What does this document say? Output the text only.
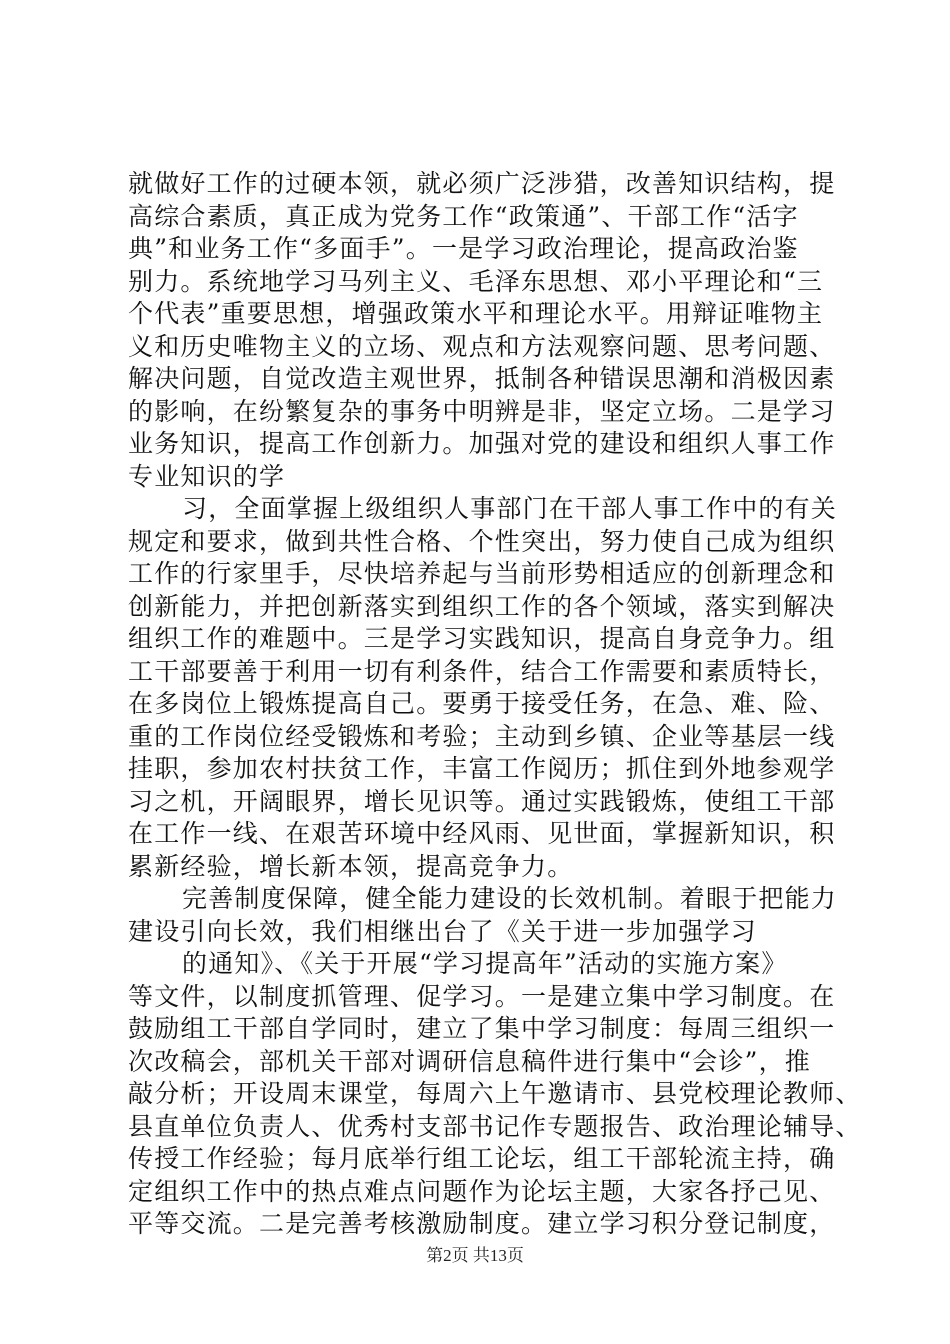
就做好工作的过硬本领，就必须广泛涉猎，改善知识结构，提
高综合素质，真正成为党务工作“政策通”、干部工作“活字
典”和业务工作“多面手”。一是学习政治理论，提高政治鉴
别力。系统地学习马列主义、毛泽东思想、邓小平理论和“三
个代表”重要思想，增强政策水平和理论水平。用辩证唯物主
义和历史唯物主义的立场、观点和方法观察问题、思考问题、
解决问题，自觉改造主观世界，抵制各种错误思潮和消极因素
的影响，在纷繁复杂的事务中明辨是非，坚定立场。二是学习
业务知识，提高工作创新力。加强对党的建设和组织人事工作
专业知识的学
习，全面掌握上级组织人事部门在干部人事工作中的有关
规定和要求，做到共性合格、个性突出，努力使自己成为组织
工作的行家里手，尽快培养起与当前形势相适应的创新理念和
创新能力，并把创新落实到组织工作的各个领域，落实到解决
组织工作的难题中。三是学习实践知识，提高自身竞争力。组
工干部要善于利用一切有利条件，结合工作需要和素质特长，
在多岗位上锻炼提高自己。要勇于接受任务，在急、难、险、
重的工作岗位经受锻炼和考验；主动到乡镇、企业等基层一线
挂职，参加农村扶贫工作，丰富工作阅历；抓住到外地参观学
习之机，开阔眼界，增长见识等。通过实践锻炼，使组工干部
在工作一线、在艰苦环境中经风雨、见世面，掌握新知识，积
累新经验，增长新本领，提高竞争力。
完善制度保障，健全能力建设的长效机制。着眼于把能力
建设引向长效，我们相继出台了《关于进一步加强学习
的通知》、《关于开展“学习提高年”活动的实施方案》
等文件，以制度抓管理、促学习。一是建立集中学习制度。在
鼓励组工干部自学同时，建立了集中学习制度：每周三组织一
次改稿会，部机关干部对调研信息稿件进行集中“会诊”，推
敲分析；开设周末课堂，每周六上午邀请市、县党校理论教师、
县直单位负责人、优秀村支部书记作专题报告、政治理论辅导、
传授工作经验；每月底举行组工论坛，组工干部轮流主持，确
定组织工作中的热点难点问题作为论坛主题，大家各抒己见、
平等交流。二是完善考核激励制度。建立学习积分登记制度，
第2页 共13页
